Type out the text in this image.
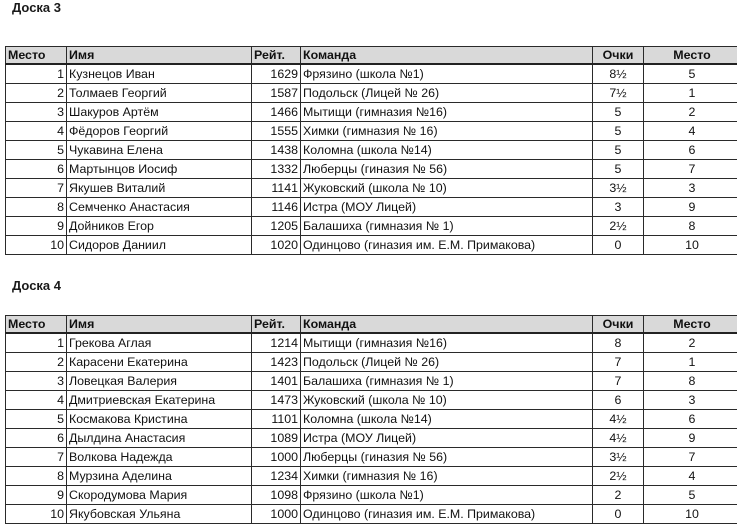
Доска 3
Место	Имя	Рейт.	Команда	Очки	Место
1	Кузнецов Иван	1629	Фрязино (школа №1)	8½	5
2	Толмаев Георгий	1587	Подольск (Лицей № 26)	7½	1
3	Шакуров Артём	1466	Мытищи (гимназия №16)	5	2
4	Фёдоров Георгий	1555	Химки (гимназия № 16)	5	4
5	Чукавина Елена	1438	Коломна (школа №14)	5	6
6	Мартынцов Иосиф	1332	Люберцы (гиназия № 56)	5	7
7	Якушев Виталий	1141	Жуковский (школа № 10)	3½	3
8	Семченко Анастасия	1146	Истра (МОУ Лицей)	3	9
9	Дойников Егор	1205	Балашиха (гимназия № 1)	2½	8
10	Сидоров Даниил	1020	Одинцово (гиназия им. Е.М. Примакова)	0	10
Доска 4
Место	Имя	Рейт.	Команда	Очки	Место
1	Грекова Аглая	1214	Мытищи (гимназия №16)	8	2
2	Карасени Екатерина	1423	Подольск (Лицей № 26)	7	1
3	Ловецкая Валерия	1401	Балашиха (гимназия № 1)	7	8
4	Дмитриевская Екатерина	1473	Жуковский (школа № 10)	6	3
5	Космакова Кристина	1101	Коломна (школа №14)	4½	6
6	Дылдина Анастасия	1089	Истра (МОУ Лицей)	4½	9
7	Волкова Надежда	1000	Люберцы (гиназия № 56)	3½	7
8	Мурзина Аделина	1234	Химки (гимназия № 16)	2½	4
9	Скородумова Мария	1098	Фрязино (школа №1)	2	5
10	Якубовская Ульяна	1000	Одинцово (гиназия им. Е.М. Примакова)	0	10
